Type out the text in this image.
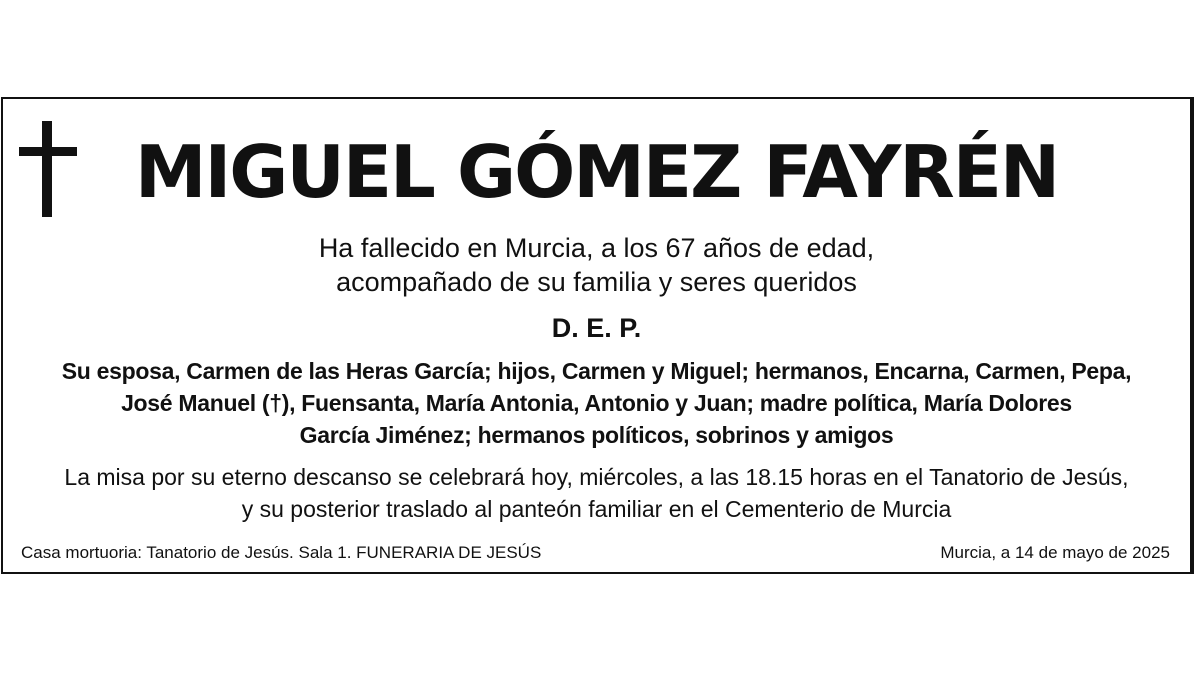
MIGUEL GÓMEZ FAYRÉN
Ha fallecido en Murcia, a los 67 años de edad,
acompañado de su familia y seres queridos
D. E. P.
Su esposa, Carmen de las Heras García; hijos, Carmen y Miguel; hermanos, Encarna, Carmen, Pepa,
José Manuel (†), Fuensanta, María Antonia, Antonio y Juan; madre política, María Dolores
García Jiménez; hermanos políticos, sobrinos y amigos
La misa por su eterno descanso se celebrará hoy, miércoles, a las 18.15 horas en el Tanatorio de Jesús,
y su posterior traslado al panteón familiar en el Cementerio de Murcia
Casa mortuoria: Tanatorio de Jesús. Sala 1. FUNERARIA DE JESÚS	Murcia, a 14 de mayo de 2025
